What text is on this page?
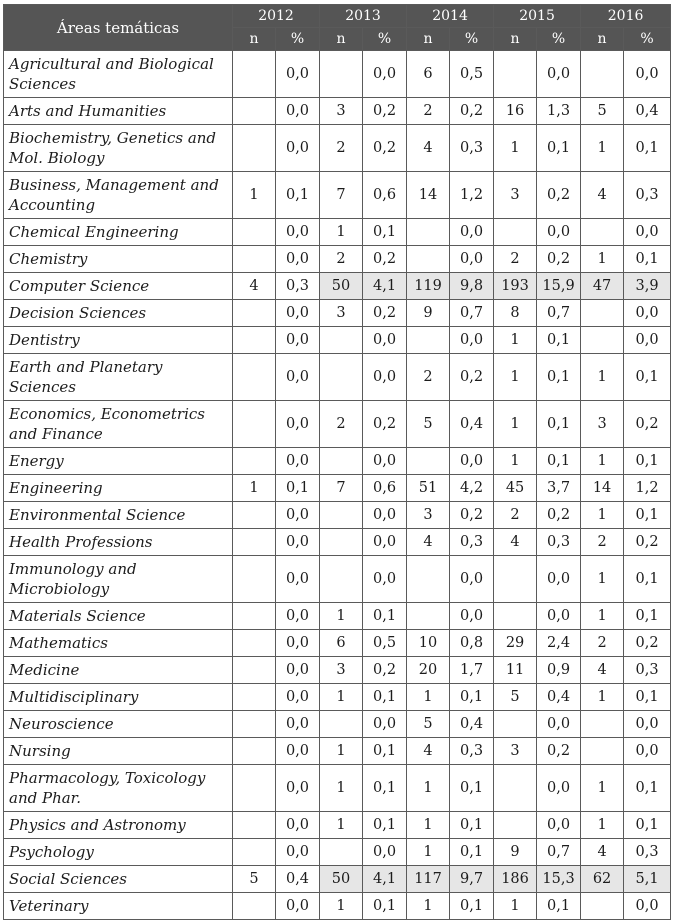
Áreas temáticas	2012		2013		2014		2015		2016	
	n	%	n	%	n	%	n	%	n	%
Agricultural and Biological Sciences		0,0		0,0	6	0,5		0,0		0,0
Arts and Humanities		0,0	3	0,2	2	0,2	16	1,3	5	0,4
Biochemistry, Genetics and Mol. Biology		0,0	2	0,2	4	0,3	1	0,1	1	0,1
Business, Management and Accounting	1	0,1	7	0,6	14	1,2	3	0,2	4	0,3
Chemical Engineering		0,0	1	0,1		0,0		0,0		0,0
Chemistry		0,0	2	0,2		0,0	2	0,2	1	0,1
Computer Science	4	0,3	50	4,1	119	9,8	193	15,9	47	3,9
Decision Sciences		0,0	3	0,2	9	0,7	8	0,7		0,0
Dentistry		0,0		0,0		0,0	1	0,1		0,0
Earth and Planetary Sciences		0,0		0,0	2	0,2	1	0,1	1	0,1
Economics, Econometrics and Finance		0,0	2	0,2	5	0,4	1	0,1	3	0,2
Energy		0,0		0,0		0,0	1	0,1	1	0,1
Engineering	1	0,1	7	0,6	51	4,2	45	3,7	14	1,2
Environmental Science		0,0		0,0	3	0,2	2	0,2	1	0,1
Health Professions		0,0		0,0	4	0,3	4	0,3	2	0,2
Immunology and Microbiology		0,0		0,0		0,0		0,0	1	0,1
Materials Science		0,0	1	0,1		0,0		0,0	1	0,1
Mathematics		0,0	6	0,5	10	0,8	29	2,4	2	0,2
Medicine		0,0	3	0,2	20	1,7	11	0,9	4	0,3
Multidisciplinary		0,0	1	0,1	1	0,1	5	0,4	1	0,1
Neuroscience		0,0		0,0	5	0,4		0,0		0,0
Nursing		0,0	1	0,1	4	0,3	3	0,2		0,0
Pharmacology, Toxicology and Phar.		0,0	1	0,1	1	0,1		0,0	1	0,1
Physics and Astronomy		0,0	1	0,1	1	0,1		0,0	1	0,1
Psychology		0,0		0,0	1	0,1	9	0,7	4	0,3
Social Sciences	5	0,4	50	4,1	117	9,7	186	15,3	62	5,1
Veterinary		0,0	1	0,1	1	0,1	1	0,1		0,0
